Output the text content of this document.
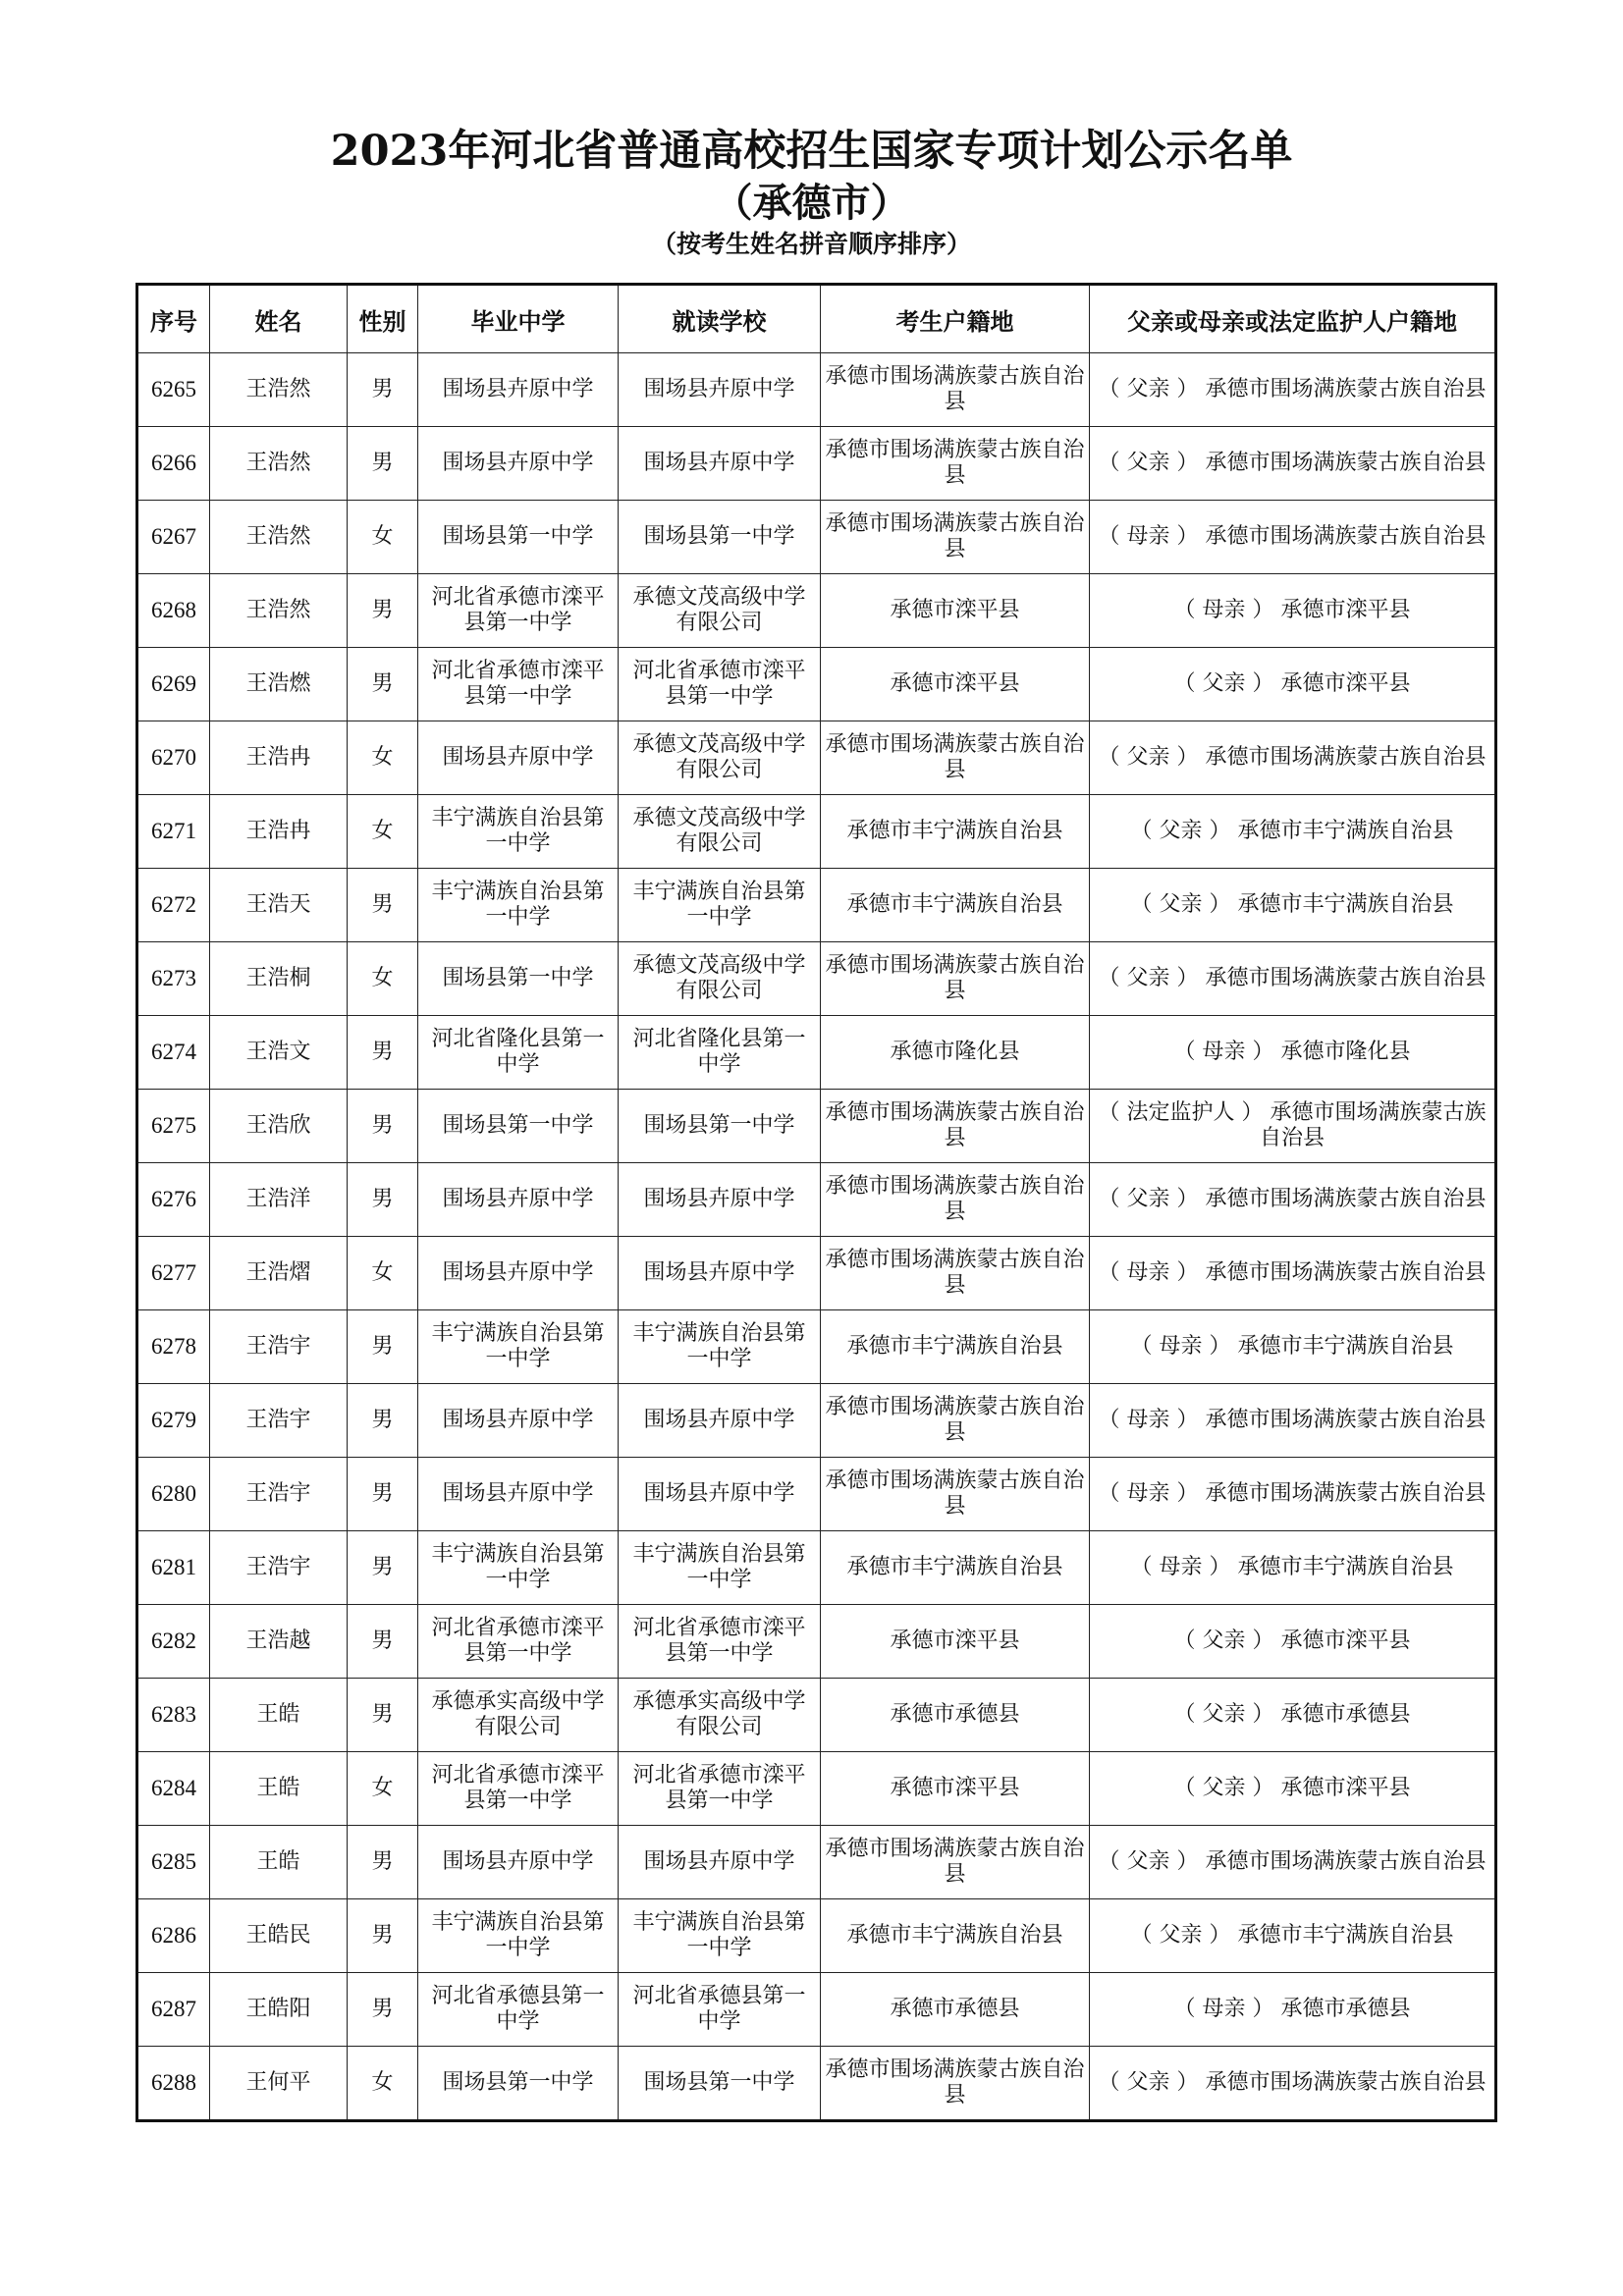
2023年河北省普通高校招生国家专项计划公示名单
（承德市）
（按考生姓名拼音顺序排序）
序号	姓名	性别	毕业中学	就读学校	考生户籍地	父亲或母亲或法定监护人户籍地
6265	王浩然	男	围场县卉原中学	围场县卉原中学	承德市围场满族蒙古族自治县	（ 父亲 ） 承德市围场满族蒙古族自治县
6266	王浩然	男	围场县卉原中学	围场县卉原中学	承德市围场满族蒙古族自治县	（ 父亲 ） 承德市围场满族蒙古族自治县
6267	王浩然	女	围场县第一中学	围场县第一中学	承德市围场满族蒙古族自治县	（ 母亲 ） 承德市围场满族蒙古族自治县
6268	王浩然	男	河北省承德市滦平县第一中学	承德文茂高级中学有限公司	承德市滦平县	（ 母亲 ） 承德市滦平县
6269	王浩燃	男	河北省承德市滦平县第一中学	河北省承德市滦平县第一中学	承德市滦平县	（ 父亲 ） 承德市滦平县
6270	王浩冉	女	围场县卉原中学	承德文茂高级中学有限公司	承德市围场满族蒙古族自治县	（ 父亲 ） 承德市围场满族蒙古族自治县
6271	王浩冉	女	丰宁满族自治县第一中学	承德文茂高级中学有限公司	承德市丰宁满族自治县	（ 父亲 ） 承德市丰宁满族自治县
6272	王浩天	男	丰宁满族自治县第一中学	丰宁满族自治县第一中学	承德市丰宁满族自治县	（ 父亲 ） 承德市丰宁满族自治县
6273	王浩桐	女	围场县第一中学	承德文茂高级中学有限公司	承德市围场满族蒙古族自治县	（ 父亲 ） 承德市围场满族蒙古族自治县
6274	王浩文	男	河北省隆化县第一中学	河北省隆化县第一中学	承德市隆化县	（ 母亲 ） 承德市隆化县
6275	王浩欣	男	围场县第一中学	围场县第一中学	承德市围场满族蒙古族自治县	（ 法定监护人 ） 承德市围场满族蒙古族自治县
6276	王浩洋	男	围场县卉原中学	围场县卉原中学	承德市围场满族蒙古族自治县	（ 父亲 ） 承德市围场满族蒙古族自治县
6277	王浩熠	女	围场县卉原中学	围场县卉原中学	承德市围场满族蒙古族自治县	（ 母亲 ） 承德市围场满族蒙古族自治县
6278	王浩宇	男	丰宁满族自治县第一中学	丰宁满族自治县第一中学	承德市丰宁满族自治县	（ 母亲 ） 承德市丰宁满族自治县
6279	王浩宇	男	围场县卉原中学	围场县卉原中学	承德市围场满族蒙古族自治县	（ 母亲 ） 承德市围场满族蒙古族自治县
6280	王浩宇	男	围场县卉原中学	围场县卉原中学	承德市围场满族蒙古族自治县	（ 母亲 ） 承德市围场满族蒙古族自治县
6281	王浩宇	男	丰宁满族自治县第一中学	丰宁满族自治县第一中学	承德市丰宁满族自治县	（ 母亲 ） 承德市丰宁满族自治县
6282	王浩越	男	河北省承德市滦平县第一中学	河北省承德市滦平县第一中学	承德市滦平县	（ 父亲 ） 承德市滦平县
6283	王皓	男	承德承实高级中学有限公司	承德承实高级中学有限公司	承德市承德县	（ 父亲 ） 承德市承德县
6284	王皓	女	河北省承德市滦平县第一中学	河北省承德市滦平县第一中学	承德市滦平县	（ 父亲 ） 承德市滦平县
6285	王皓	男	围场县卉原中学	围场县卉原中学	承德市围场满族蒙古族自治县	（ 父亲 ） 承德市围场满族蒙古族自治县
6286	王皓民	男	丰宁满族自治县第一中学	丰宁满族自治县第一中学	承德市丰宁满族自治县	（ 父亲 ） 承德市丰宁满族自治县
6287	王皓阳	男	河北省承德县第一中学	河北省承德县第一中学	承德市承德县	（ 母亲 ） 承德市承德县
6288	王何平	女	围场县第一中学	围场县第一中学	承德市围场满族蒙古族自治县	（ 父亲 ） 承德市围场满族蒙古族自治县
